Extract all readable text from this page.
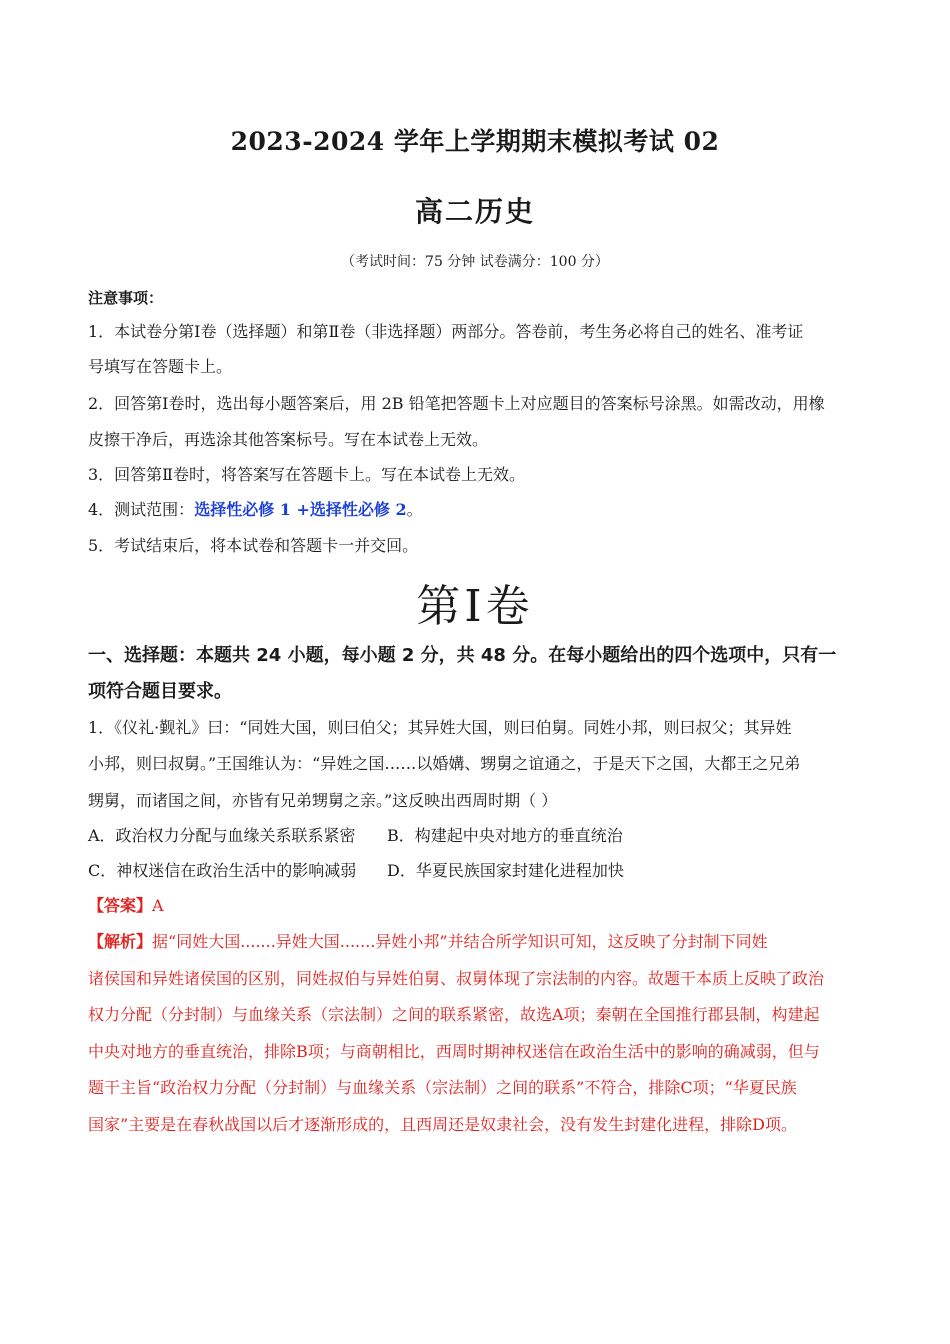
2023-2024 学年上学期期末模拟考试 02
高二历史
（考试时间：75 分钟 试卷满分：100 分）
注意事项：
1．本试卷分第Ⅰ卷（选择题）和第Ⅱ卷（非选择题）两部分。答卷前，考生务必将自己的姓名、准考证
号填写在答题卡上。
2．回答第Ⅰ卷时，选出每小题答案后，用 2B 铅笔把答题卡上对应题目的答案标号涂黑。如需改动，用橡
皮擦干净后，再选涂其他答案标号。写在本试卷上无效。
3．回答第Ⅱ卷时，将答案写在答题卡上。写在本试卷上无效。
4．测试范围：选择性必修 1 +选择性必修 2。
5．考试结束后，将本试卷和答题卡一并交回。
第Ⅰ卷
一、选择题：本题共 24 小题，每小题 2 分，共 48 分。在每小题给出的四个选项中，只有一
项符合题目要求。
1．《仪礼·觐礼》曰：“同姓大国，则曰伯父；其异姓大国，则曰伯舅。同姓小邦，则曰叔父；其异姓
小邦，则曰叔舅。”王国维认为：“异姓之国……以婚媾、甥舅之谊通之，于是天下之国，大都王之兄弟
甥舅，而诸国之间，亦皆有兄弟甥舅之亲。”这反映出西周时期（ ）
A．政治权力分配与血缘关系联系紧密 B．构建起中央对地方的垂直统治
C．神权迷信在政治生活中的影响减弱 D．华夏民族国家封建化进程加快
【答案】A
【解析】据“同姓大国.......异姓大国.......异姓小邦”并结合所学知识可知，这反映了分封制下同姓
诸侯国和异姓诸侯国的区别，同姓叔伯与异姓伯舅、叔舅体现了宗法制的内容。故题干本质上反映了政治
权力分配（分封制）与血缘关系（宗法制）之间的联系紧密，故选A项；秦朝在全国推行郡县制，构建起
中央对地方的垂直统治，排除B项；与商朝相比，西周时期神权迷信在政治生活中的影响的确减弱，但与
题干主旨“政治权力分配（分封制）与血缘关系（宗法制）之间的联系”不符合，排除C项；“华夏民族
国家”主要是在春秋战国以后才逐渐形成的，且西周还是奴隶社会，没有发生封建化进程，排除D项。
